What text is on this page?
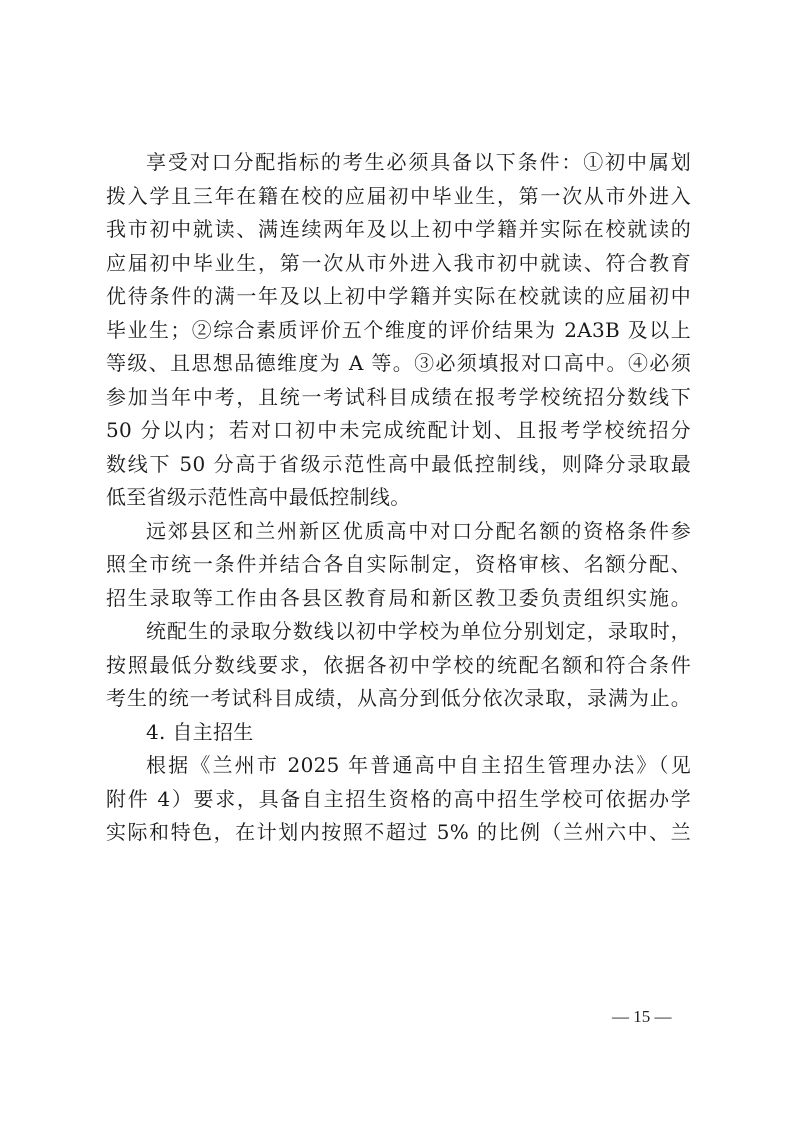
享受对口分配指标的考生必须具备以下条件：①初中属划
拨入学且三年在籍在校的应届初中毕业生，第一次从市外进入
我市初中就读、满连续两年及以上初中学籍并实际在校就读的
应届初中毕业生，第一次从市外进入我市初中就读、符合教育
优待条件的满一年及以上初中学籍并实际在校就读的应届初中
毕业生；②综合素质评价五个维度的评价结果为 2A3B 及以上
等级、且思想品德维度为 A 等。③必须填报对口高中。④必须
参加当年中考，且统一考试科目成绩在报考学校统招分数线下
50 分以内；若对口初中未完成统配计划、且报考学校统招分
数线下 50 分高于省级示范性高中最低控制线，则降分录取最
低至省级示范性高中最低控制线。
远郊县区和兰州新区优质高中对口分配名额的资格条件参
照全市统一条件并结合各自实际制定，资格审核、名额分配、
招生录取等工作由各县区教育局和新区教卫委负责组织实施。
统配生的录取分数线以初中学校为单位分别划定，录取时，
按照最低分数线要求，依据各初中学校的统配名额和符合条件
考生的统一考试科目成绩，从高分到低分依次录取，录满为止。
4. 自主招生
根据《兰州市 2025 年普通高中自主招生管理办法》（见
附件 4）要求，具备自主招生资格的高中招生学校可依据办学
实际和特色，在计划内按照不超过 5% 的比例（兰州六中、兰
— 15 —
